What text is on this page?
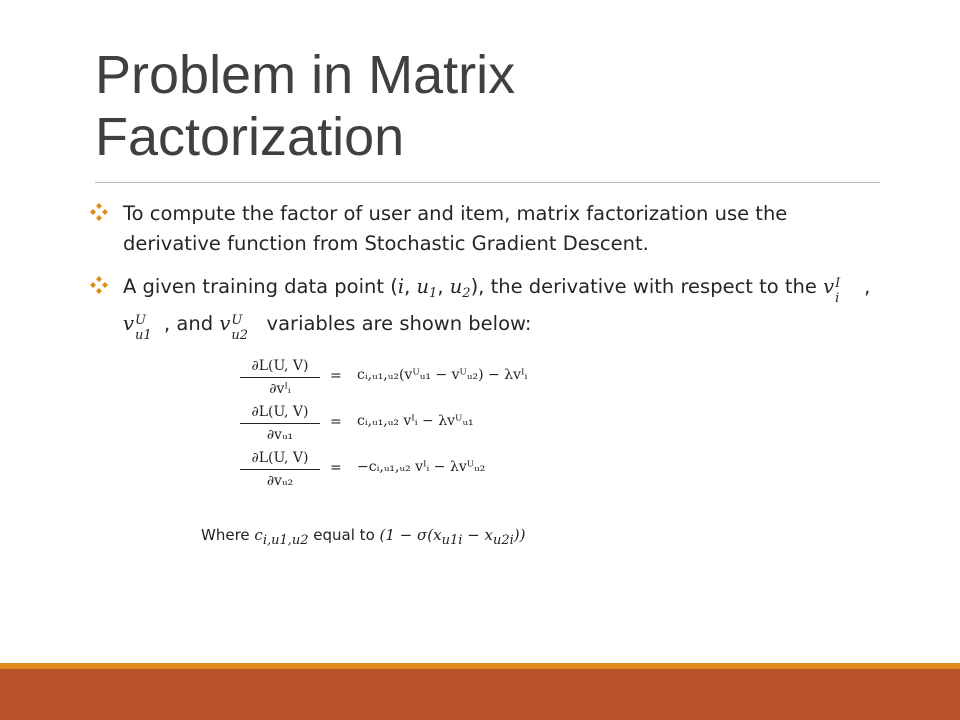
Problem in Matrix
Factorization
To compute the factor of user and item, matrix factorization use the derivative function from Stochastic Gradient Descent.
A given training data point (i, $u_1$, $u_2$), the derivative with respect to the v I
i , v U
u1 , and v U
u2 variables are shown below:
∂L(U, V)
∂vᴵᵢ
= cᵢ,ᵤ₁,ᵤ₂(vᵁᵤ₁ − vᵁᵤ₂) − λvᴵᵢ
∂L(U, V)
∂vᵤ₁
= cᵢ,ᵤ₁,ᵤ₂ vᴵᵢ − λvᵁᵤ₁
∂L(U, V)
∂vᵤ₂
= −cᵢ,ᵤ₁,ᵤ₂ vᴵᵢ − λvᵁᵤ₂
Where ci,u1,u2 equal to (1 − σ(xu1i − xu2i))
